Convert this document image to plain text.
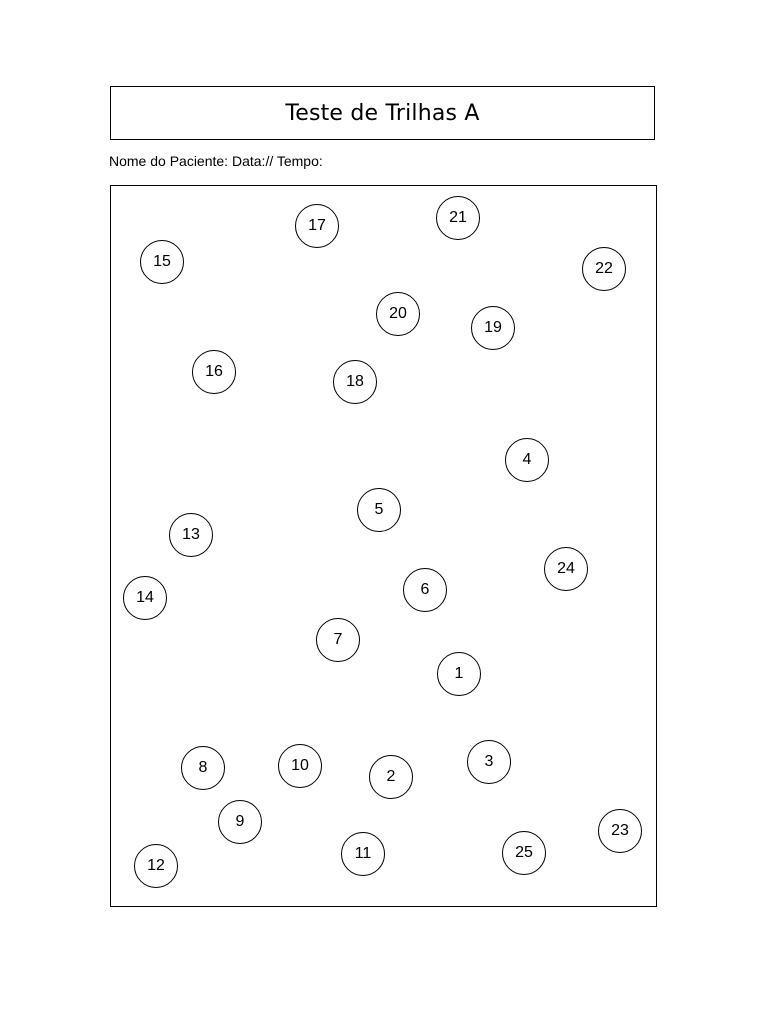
Teste de Trilhas A
Nome do Paciente: Data:// Tempo:
1
2
3
4
5
6
7
8
9
10
11
12
13
14
15
16
17
18
19
20
21
22
23
24
25
